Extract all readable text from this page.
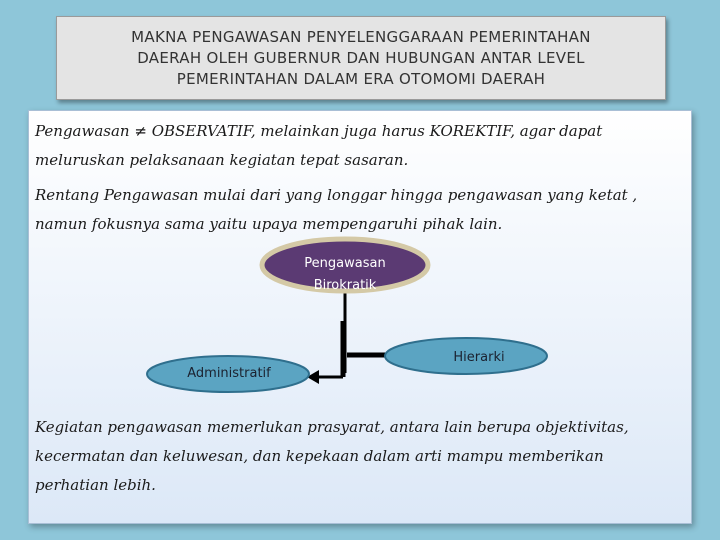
MAKNA PENGAWASAN PENYELENGGARAAN PEMERINTAHAN
DAERAH OLEH GUBERNUR DAN HUBUNGAN ANTAR LEVEL
PEMERINTAHAN DALAM ERA OTOMOMI DAERAH

Pengawasan ≠ OBSERVATIF, melainkan juga harus KOREKTIF, agar dapat
meluruskan pelaksanaan kegiatan tepat sasaran.

Rentang Pengawasan mulai dari yang longgar hingga pengawasan yang ketat ,
namun fokusnya sama yaitu upaya mempengaruhi pihak lain.

Pengawasan
Birokratik
Administratif
Hierarki

Kegiatan pengawasan memerlukan prasyarat, antara lain berupa objektivitas,
kecermatan dan keluwesan, dan kepekaan dalam arti mampu memberikan
perhatian lebih.
